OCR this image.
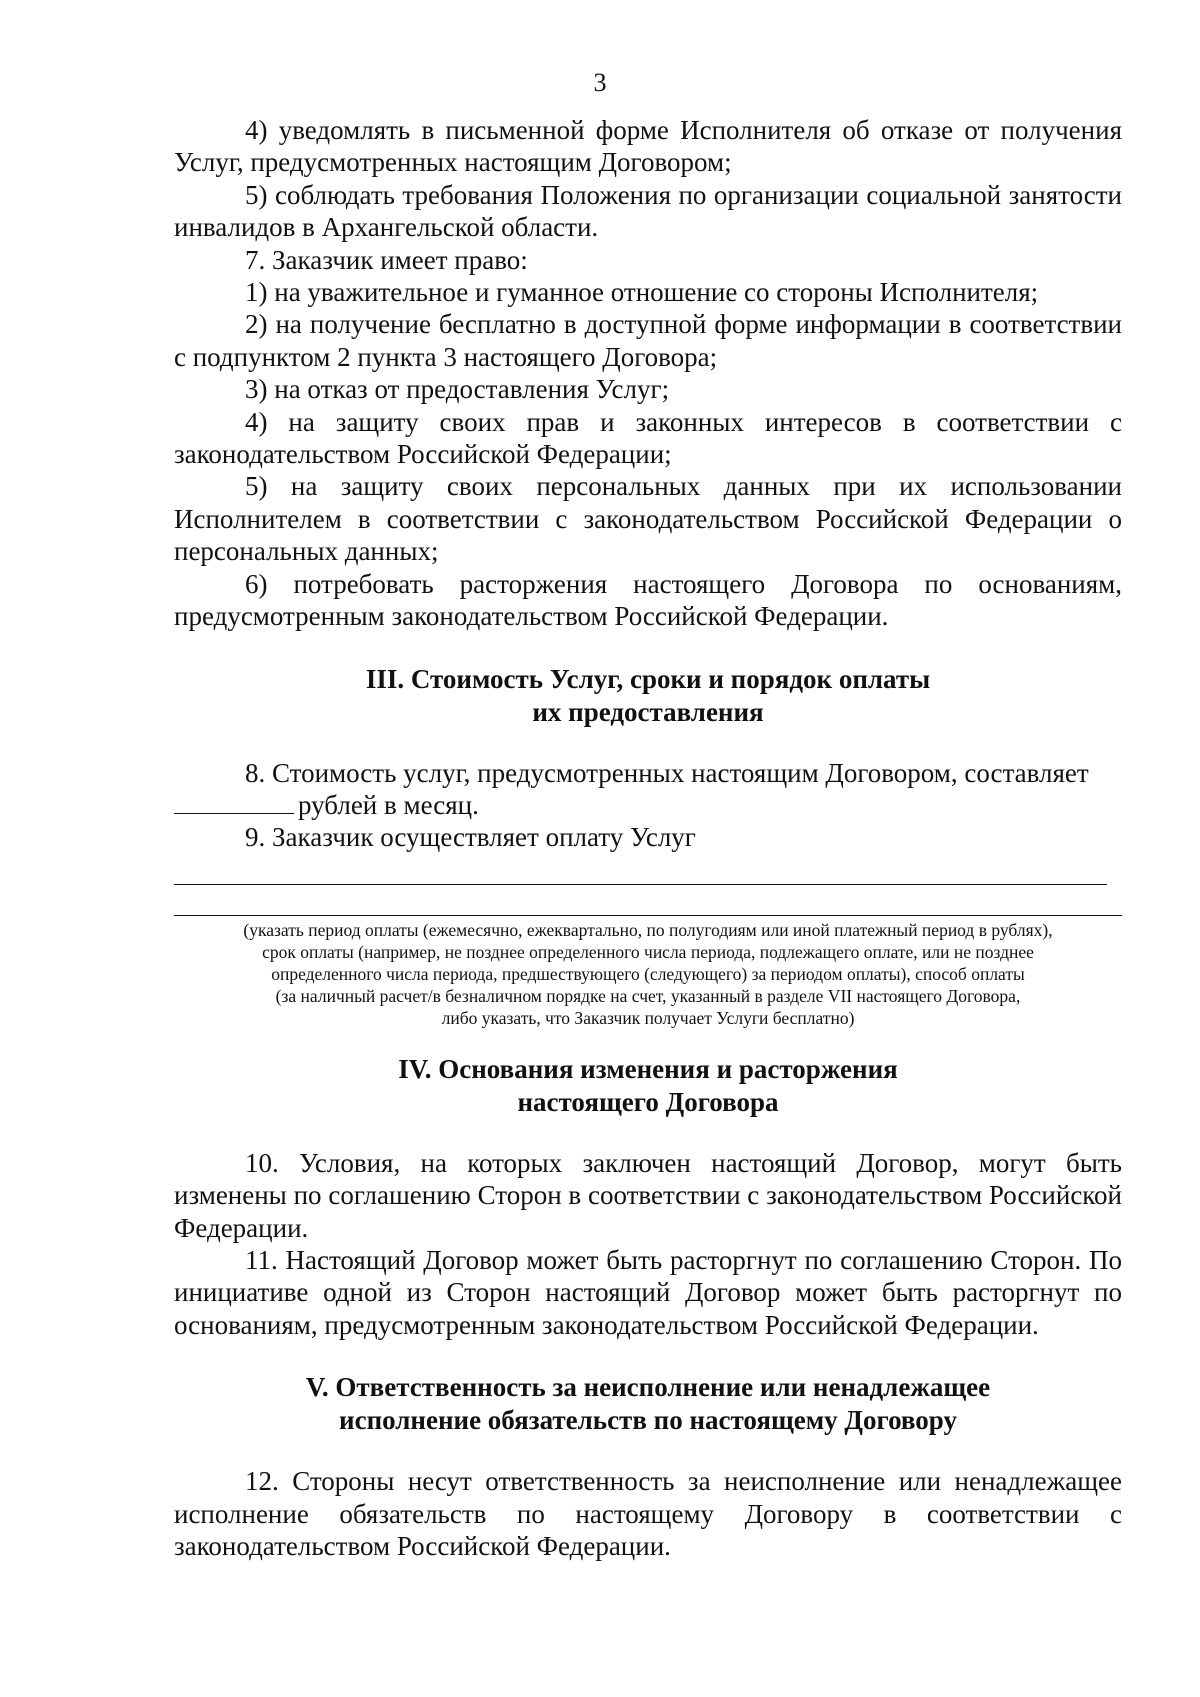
3

4) уведомлять в письменной форме Исполнителя об отказе от получения Услуг, предусмотренных настоящим Договором;

5) соблюдать требования Положения по организации социальной занятости инвалидов в Архангельской области.

7. Заказчик имеет право:

1) на уважительное и гуманное отношение со стороны Исполнителя;

2) на получение бесплатно в доступной форме информации в соответствии с подпунктом 2 пункта 3 настоящего Договора;

3) на отказ от предоставления Услуг;

4) на защиту своих прав и законных интересов в соответствии с законодательством Российской Федерации;

5) на защиту своих персональных данных при их использовании Исполнителем в соответствии с законодательством Российской Федерации о персональных данных;

6) потребовать расторжения настоящего Договора по основаниям, предусмотренным законодательством Российской Федерации.

III. Стоимость Услуг, сроки и порядок оплаты
их предоставления

8. Стоимость услуг, предусмотренных настоящим Договором, составляет

рублей в месяц.

9. Заказчик осуществляет оплату Услуг

(указать период оплаты (ежемесячно, ежеквартально, по полугодиям или иной платежный период в рублях),
срок оплаты (например, не позднее определенного числа периода, подлежащего оплате, или не позднее
определенного числа периода, предшествующего (следующего) за периодом оплаты), способ оплаты
(за наличный расчет/в безналичном порядке на счет, указанный в разделе VII настоящего Договора,
либо указать, что Заказчик получает Услуги бесплатно)
IV. Основания изменения и расторжения
настоящего Договора

10. Условия, на которых заключен настоящий Договор, могут быть изменены по соглашению Сторон в соответствии с законодательством Российской Федерации.

11. Настоящий Договор может быть расторгнут по соглашению Сторон. По инициативе одной из Сторон настоящий Договор может быть расторгнут по основаниям, предусмотренным законодательством Российской Федерации.

V. Ответственность за неисполнение или ненадлежащее
исполнение обязательств по настоящему Договору

12. Стороны несут ответственность за неисполнение или ненадлежащее исполнение обязательств по настоящему Договору в соответствии с законодательством Российской Федерации.
